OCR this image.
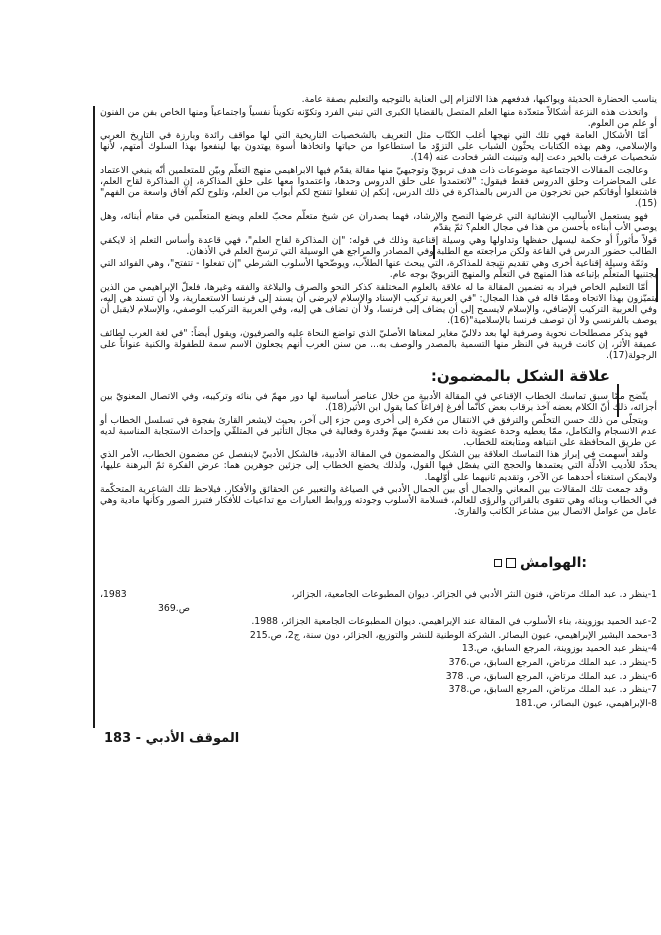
يناسب الحضارة الحديثة ويواكبها، فدفعهم هذا الالتزام إلى العناية بالتوجيه والتعليم بصفة عامة.

واتخذت هذه النزعة أشكالاً متعدّدة منها العلم المتصل بالقضايا الكبرى التي تبني الفرد وتكوّنه تكويناً نفسياً واجتماعياً ومنها الخاص بفن من الفنون أو علم من العلوم.

أمّا الأشكال العامة فهي تلك التي نهجها أغلب الكتّاب مثل التعريف بالشخصيات التاريخية التي لها مواقف رائدة وبارزة في التاريخ العربي والإسلامي، وهم بهذه الكتابات يحثّون الشباب على التزوّد ما استطاعوا من حياتها واتخاذها أسوة يهتدون بها لينفعوا بهذا السلوك أمتهم، لأنها شخصيات عرفت بالخير دعت إليه وتبينت الشر فحادت عنه (14).

وعالجت المقالات الاجتماعية موضوعات ذات هدف تربويّ وتوجيهيّ منها مقالة يقدّم فيها الابراهيمي منهج التعلّم وبيّن للمتعلمين أنّه ينبغي الاعتماد على المحاضرات وحلق الدروس فقط فيقول: "لاتعتمدوا على حلق الدروس وحدها، واعتمدوا معها على حلق المذاكرة، إن المذاكرة لقاح العلم، فاشتغلوا أوقاتكم حين تخرجون من الدرس بالمذاكرة في ذلك الدرس، إنكم إن تفعلوا تتفتح لكم أبواب من العلم، وتلوح لكم آفاق واسعة من الفهم"(15).

فهو يستعمل الأساليب الإنشائية التي غرضها النصح والإرشاد، فهما يصدران عن شيخ متعلّم محبّ للعلم ويضع المتعلّمين في مقام أبنائه، وهل يوصي الأب أبناءه بأحسن من هذا في مجال العلم؟ ثمّ يقدّم

قولاً مأثوراً أو حكمة ليسهل حفظها وتداولها وهي وسيلة إقناعية وذلك في قوله: "إن المذاكرة لقاح العلم"، فهي قاعدة وأساس التعلم إذ لايكفي الطالب حضور الدرس في القاعة ولكن مراجعته مع الطلبة وفي المصادر والمراجع هي الوسيلة التي ترسخ العلم في الأذهان.

وثمّة وسيلة إقناعية أخرى وهي تقديم نتيجة للمذاكرة، التي يبحث عنها الطلاّب، ويوضّحها الأسلوب الشرطي "إن تفعلوا - تتفتح"، وهي الفوائد التي يجتنيها المتعلّم بإتباعه هذا المنهج في التعلّم والمنهج التربويّ بوجه عام.

أمّا التعليم الخاص فيراد به تضمين المقالة ما له علاقة بالعلوم المختلفة كذكر النحو والصرف والبلاغة والفقه وغيرها، فلعلّ الإبراهيمي من الذين يتميّزون بهذا الاتجاه وممّا قاله في هذا المجال: "في العربية تركيب الإسناد والإسلام لايرضى أن يسند إلى فرنسا الاستعمارية، ولا أن تسند هي إليه، وفي العربية التركيب الإضافي، والإسلام لايسمح إلى أن يضاف إلى فرنسا، ولا أن تضاف هي إليه، وفي العربية التركيب الوصفي، والإسلام لايقبل أن يوصف بالفرنسي ولا أن توصف فرنسا بالإسلامية"(16).

فهو يذكر مصطلحات نحوية وصرفية لها بعد دلاليّ مغاير لمعناها الأصليّ الذي تواضع النحاة عليه والصرفيون، ويقول أيضاً: "في لغة العرب لطائف عميقة الأثر، إن كانت قريبة في النظر منها التسمية بالمصدر والوصف به... من سنن العرب أنهم يجعلون الاسم سمة للطفولة والكنية عنواناً على الرجولة(17).

علاقة الشكل بالمضمون:

يتّضح ممّا سبق تماسك الخطاب الإقناعي في المقالة الأدبية من خلال عناصر أساسية لها دور مهمّ في بنائه وتركيبه، وفي الاتصال المعنويّ بين أجزائه، ذلك أنّ الكلام بعضه آخذ برقاب بعض كأنّما أفرغ إفراغاً كما يقول ابن الأثير(18).

ويتجلّى من ذلك حسن التخلّص والترفق في الانتقال من فكرة إلى أخرى ومن جزء إلى آخر، بحيث لايشعر القارئ بفجوة في تسلسل الخطاب أو عدم الانسجام والتكامل، ممّا يعطيه وحدة عضوية ذات بعد نفسيّ مهمّ وقدرة وفعالية في مجال التأثير في المتلقّي وإحداث الاستجابة المناسبة لديه عن طريق المحافظة على انتباهه ومتابعته للخطاب.

ولقد أسهمت في إبراز هذا التماسك العلاقة بين الشكل والمضمون في المقالة الأدبية، فالشكل الأدبيّ لاينفصل عن مضمون الخطاب، الأمر الذي يحدّد للأديب الأدلّة التي يعتمدها والحجج التي يفصّل فيها القول، ولذلك يخضع الخطاب إلى جزئين جوهرين هما: عرض الفكرة ثمّ البرهنة عليها، ولايمكن استغناء أحدهما عن الآخر، وتقديم ثانيهما على أوّلهما.

وقد جمعت تلك المقالات بين المعاني والجمال أي بين الجمال الأدبي في الصياغة والتعبير عن الحقائق والأفكار. فيلاحظ تلك الشاعرية المتحكّمة في الخطاب وبنائه وهي تتقوى بالقرائن والرؤى للعالم، فسلامة الأسلوب وجودته وروابط العبارات مع تداعيات للأفكار فتبرز الصور وكأنها مادية وهي عامل من عوامل الاتصال بين مشاعر الكاتب والقارئ.

الهوامش:
1-ينظر د. عبد الملك مرتاض، فنون النثر الأدبي في الجزائر. ديوان المطبوعات الجامعية، الجزائر،
1983،
ص.369
2-عبد الحميد بوزوينة، بناء الأسلوب في المقالة عند الإبراهيمي. ديوان المطبوعات الجامعية الجزائر، 1988.
3-محمد البشير الإبراهيمي، عيون البصائر. الشركة الوطنية للنشر والتوزيع، الجزائر، دون سنة، ج2، ص.215
4-ينظر عبد الحميد بوزوينة، المرجع السابق، ص.13
5-ينظر د. عبد الملك مرتاض، المرجع السابق، ص.376
6-ينظر د. عبد الملك مرتاض، المرجع السابق، ص. 378
7-ينظر د. عبد الملك مرتاض، المرجع السابق، ص.378
8-الإبراهيمي، عيون البصائر، ص.181
الموقف الأدبي - 183
